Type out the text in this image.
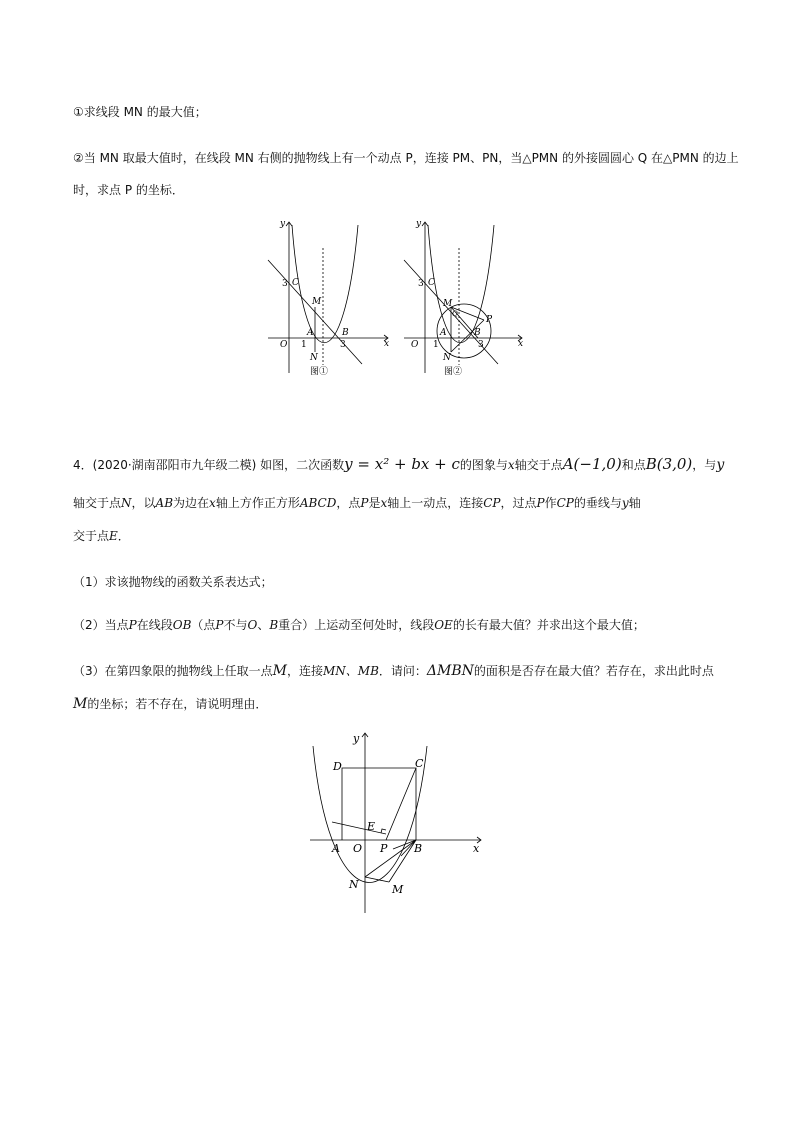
①求线段 MN 的最大值；
②当 MN 取最大值时，在线段 MN 右侧的抛物线上有一个动点 P，连接 PM、PN，当△PMN 的外接圆圆心 Q 在△PMN 的边上
时，求点 P 的坐标．
y
x
C
3
M
A	B
O 1	3
N
图①
y
x
C
3
M
Q
P
A	B
O 1	3
N
图②
4．(2020·湖南邵阳市九年级二模) 如图，二次函数y = x² + bx + c的图象与x轴交于点A(−1,0)和点B(3,0)，与y
轴交于点N，以AB为边在x轴上方作正方形ABCD，点P是x轴上一动点，连接CP，过点P作CP的垂线与y轴
交于点E．
（1）求该抛物线的函数关系表达式；
（2）当点P在线段OB（点P不与O、B重合）上运动至何处时，线段OE的长有最大值？并求出这个最大值；
（3）在第四象限的抛物线上任取一点M，连接MN、MB．请问：ΔMBN的面积是否存在最大值？若存在，求出此时点
M的坐标；若不存在，请说明理由．
y
x
D	C
E
A O P B
N	M
